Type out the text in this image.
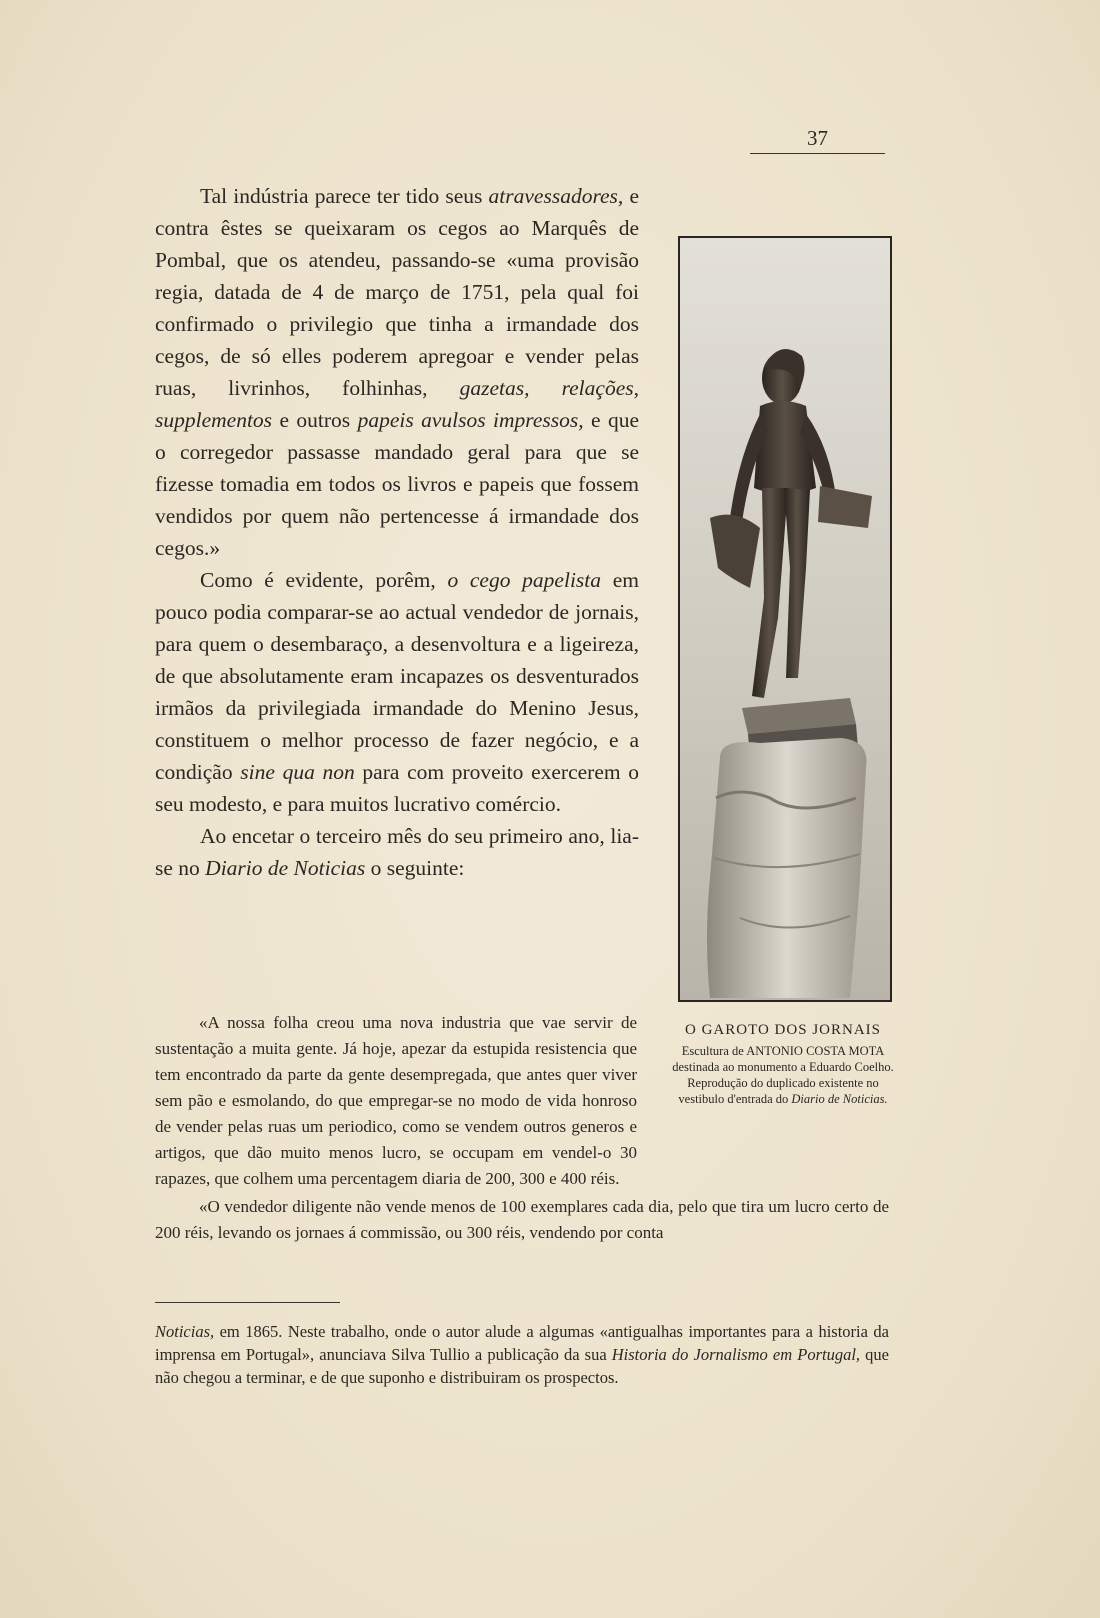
37

Tal indústria parece ter tido seus atravessadores, e contra êstes se queixaram os cegos ao Marquês de Pombal, que os atendeu, passando-se «uma provisão regia, datada de 4 de março de 1751, pela qual foi confirmado o privilegio que tinha a irmandade dos cegos, de só elles poderem apregoar e vender pelas ruas, livrinhos, folhinhas, gazetas, relações, supplementos e outros papeis avulsos impressos, e que o corregedor passasse mandado geral para que se fizesse tomadia em todos os livros e papeis que fossem vendidos por quem não pertencesse á irmandade dos cegos.»

Como é evidente, porêm, o cego papelista em pouco podia comparar-se ao actual vendedor de jornais, para quem o desembaraço, a desenvoltura e a ligeireza, de que absolutamente eram incapazes os desventurados irmãos da privilegiada irmandade do Menino Jesus, constituem o melhor processo de fazer negócio, e a condição sine qua non para com proveito exercerem o seu modesto, e para muitos lucrativo comércio.

Ao encetar o terceiro mês do seu primeiro ano, lia-se no Diario de Noticias o seguinte:

O GAROTO DOS JORNAIS
Escultura de ANTONIO COSTA MOTA destinada ao monumento a Eduardo Coelho.
Reprodução do duplicado existente no vestibulo d'entrada do Diario de Noticias.

«A nossa folha creou uma nova industria que vae servir de sustentação a muita gente. Já hoje, apezar da estupida resistencia que tem encontrado da parte da gente desempregada, que antes quer viver sem pão e esmolando, do que empregar-se no modo de vida honroso de vender pelas ruas um periodico, como se vendem outros generos e artigos, que dão muito menos lucro, se occupam em vendel-o 30 rapazes, que colhem uma percentagem diaria de 200, 300 e 400 réis.

«O vendedor diligente não vende menos de 100 exemplares cada dia, pelo que tira um lucro certo de 200 réis, levando os jornaes á commissão, ou 300 réis, vendendo por conta

Noticias, em 1865. Neste trabalho, onde o autor alude a algumas «antigualhas importantes para a historia da imprensa em Portugal», anunciava Silva Tullio a publicação da sua Historia do Jornalismo em Portugal, que não chegou a terminar, e de que suponho e distribuiram os prospectos.
